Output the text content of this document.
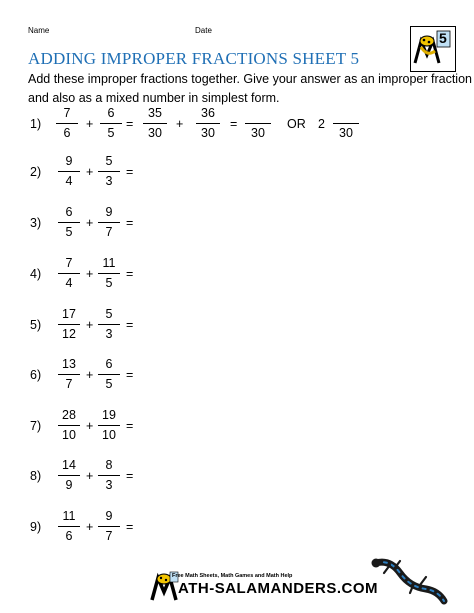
Name	Date	5
ADDING IMPROPER FRACTIONS SHEET 5
Add these improper fractions together. Give your answer as an improper fraction
and also as a mixed number in simplest form.
1)
7
6
+
6
5
=
35
30
+
36
30
=
30
OR 2
30
2)
9
4
+
5
3
=
3)
6
5
+
9
7
=
4)
7
4
+
11
5
=
5)
17
12
+
5
3
=
6)
13
7
+
6
5
=
7)
28
10
+
19
10
=
8)
14
9
+
8
3
=
9)
11
6
+
9
7
=
Free Math Sheets, Math Games and Math Help
ATH-SALAMANDERS.COM
